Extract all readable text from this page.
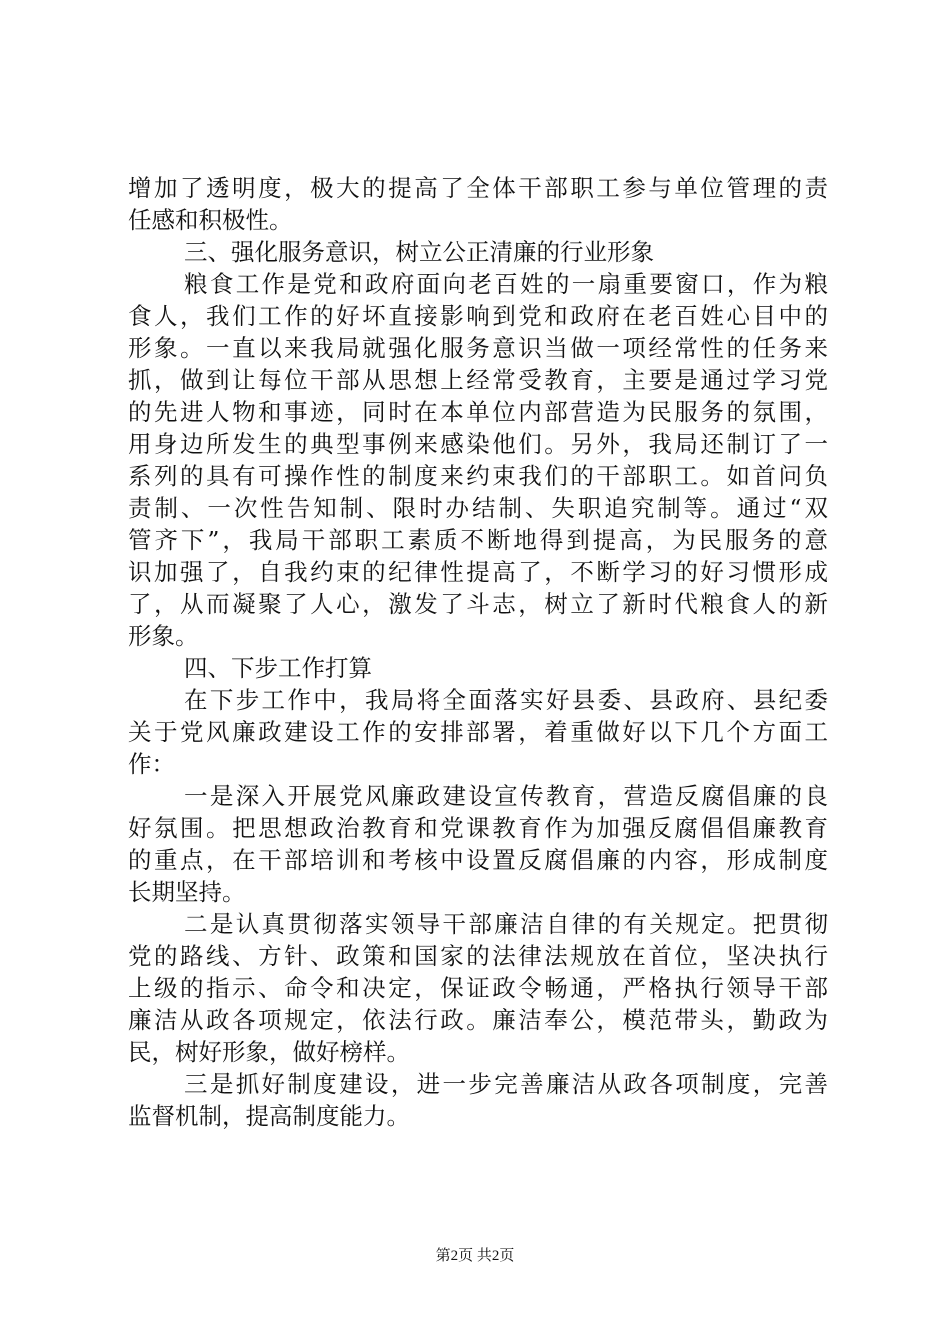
增加了透明度，极大的提高了全体干部职工参与单位管理的责
任感和积极性。
三、强化服务意识，树立公正清廉的行业形象
粮食工作是党和政府面向老百姓的一扇重要窗口，作为粮
食人，我们工作的好坏直接影响到党和政府在老百姓心目中的
形象。一直以来我局就强化服务意识当做一项经常性的任务来
抓，做到让每位干部从思想上经常受教育，主要是通过学习党
的先进人物和事迹，同时在本单位内部营造为民服务的氛围，
用身边所发生的典型事例来感染他们。另外，我局还制订了一
系列的具有可操作性的制度来约束我们的干部职工。如首问负
责制、一次性告知制、限时办结制、失职追究制等。通过“双
管齐下”，我局干部职工素质不断地得到提高，为民服务的意
识加强了，自我约束的纪律性提高了，不断学习的好习惯形成
了，从而凝聚了人心，激发了斗志，树立了新时代粮食人的新
形象。
四、下步工作打算
在下步工作中，我局将全面落实好县委、县政府、县纪委
关于党风廉政建设工作的安排部署，着重做好以下几个方面工
作：
一是深入开展党风廉政建设宣传教育，营造反腐倡廉的良
好氛围。把思想政治教育和党课教育作为加强反腐倡倡廉教育
的重点，在干部培训和考核中设置反腐倡廉的内容，形成制度
长期坚持。
二是认真贯彻落实领导干部廉洁自律的有关规定。把贯彻
党的路线、方针、政策和国家的法律法规放在首位，坚决执行
上级的指示、命令和决定，保证政令畅通，严格执行领导干部
廉洁从政各项规定，依法行政。廉洁奉公，模范带头，勤政为
民，树好形象，做好榜样。
三是抓好制度建设，进一步完善廉洁从政各项制度，完善
监督机制，提高制度能力。
第2页 共2页
